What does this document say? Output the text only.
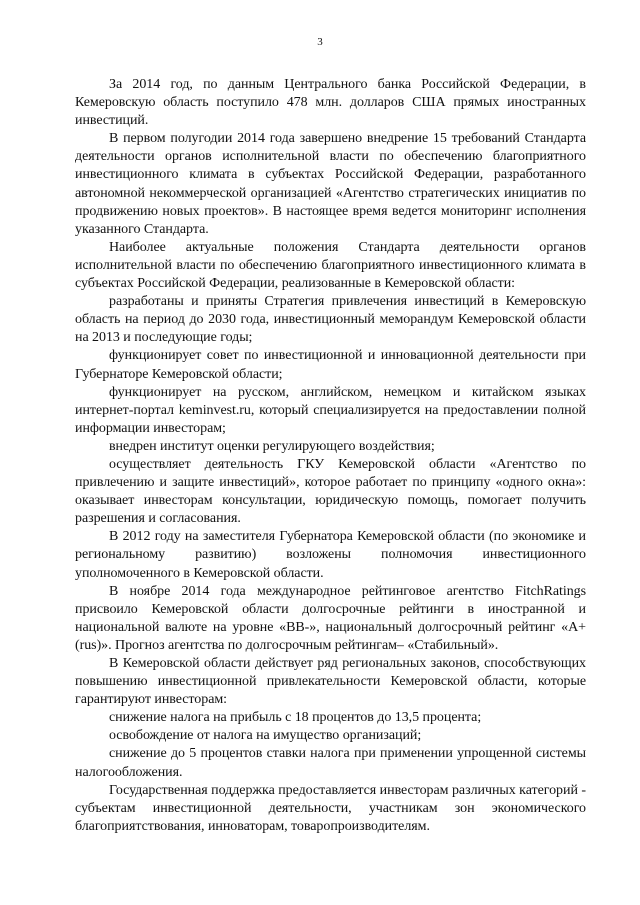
3

За 2014 год, по данным Центрального банка Российской Федерации, в Кемеровскую область поступило 478 млн. долларов США прямых иностранных инвестиций.

В первом полугодии 2014 года завершено внедрение 15 требований Стандарта деятельности органов исполнительной власти по обеспечению благоприятного инвестиционного климата в субъектах Российской Федерации, разработанного автономной некоммерческой организацией «Агентство стратегических инициатив по продвижению новых проектов». В настоящее время ведется мониторинг исполнения указанного Стандарта.

Наиболее актуальные положения Стандарта деятельности органов исполнительной власти по обеспечению благоприятного инвестиционного климата в субъектах Российской Федерации, реализованные в Кемеровской области:

разработаны и приняты Стратегия привлечения инвестиций в Кемеровскую область на период до 2030 года, инвестиционный меморандум Кемеровской области на 2013 и последующие годы;

функционирует совет по инвестиционной и инновационной деятельности при Губернаторе Кемеровской области;

функционирует на русском, английском, немецком и китайском языках интернет-портал keminvest.ru, который специализируется на предоставлении полной информации инвесторам;

внедрен институт оценки регулирующего воздействия;

осуществляет деятельность ГКУ Кемеровской области «Агентство по привлечению и защите инвестиций», которое работает по принципу «одного окна»: оказывает инвесторам консультации, юридическую помощь, помогает получить разрешения и согласования.

В 2012 году на заместителя Губернатора Кемеровской области (по экономике и региональному развитию) возложены полномочия инвестиционного уполномоченного в Кемеровской области.

В ноябре 2014 года международное рейтинговое агентство FitchRatings присвоило Кемеровской области долгосрочные рейтинги в иностранной и национальной валюте на уровне «ВВ-», национальный долгосрочный рейтинг «A+(rus)». Прогноз агентства по долгосрочным рейтингам– «Стабильный».

В Кемеровской области действует ряд региональных законов, способствующих повышению инвестиционной привлекательности Кемеровской области, которые гарантируют инвесторам:

снижение налога на прибыль с 18 процентов до 13,5 процента;

освобождение от налога на имущество организаций;

снижение до 5 процентов ставки налога при применении упрощенной системы налогообложения.

Государственная поддержка предоставляется инвесторам различных категорий - субъектам инвестиционной деятельности, участникам зон экономического благоприятствования, инноваторам, товаропроизводителям.
